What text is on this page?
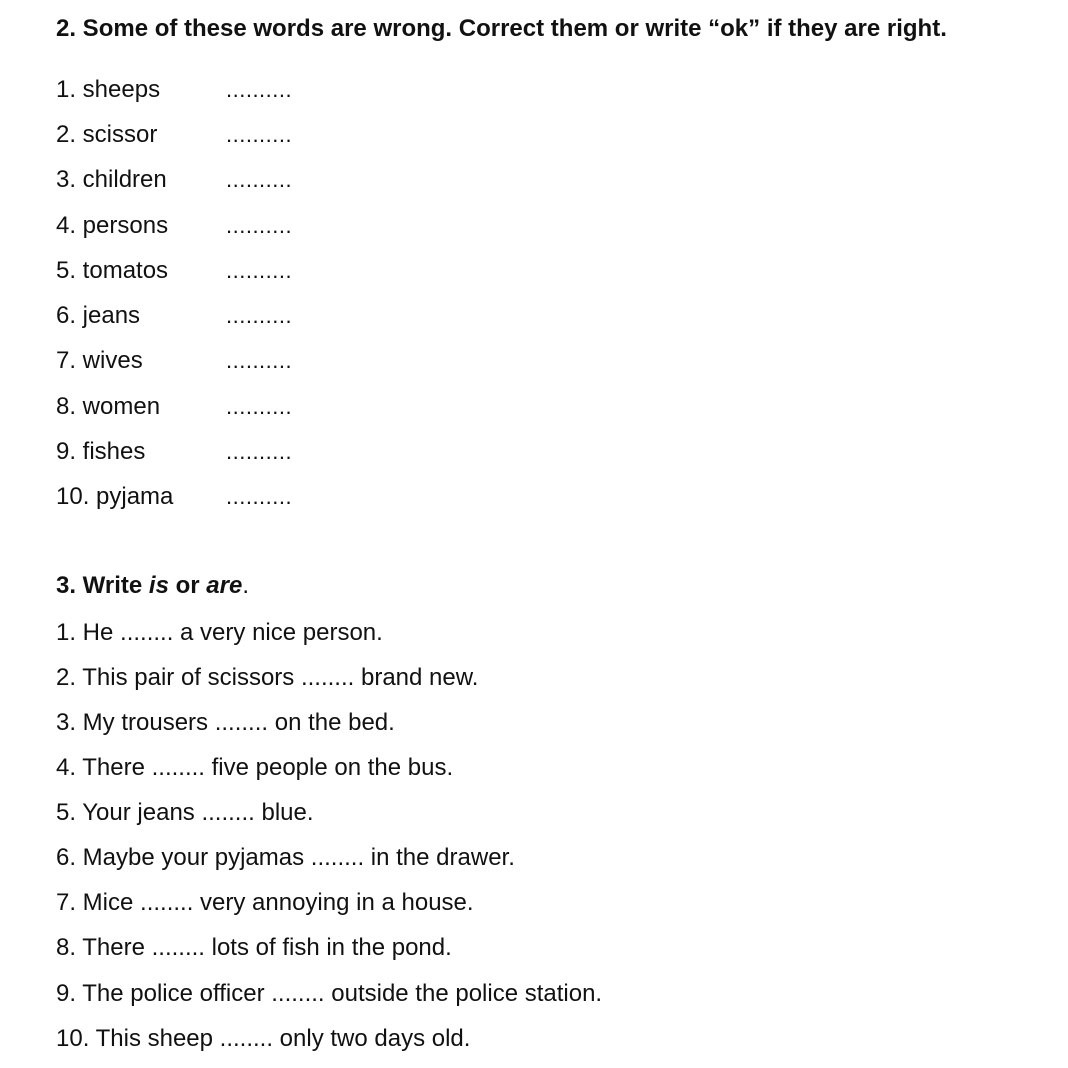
2. Some of these words are wrong. Correct them or write “ok” if they are right.
1. sheeps	..........
2. scissor	..........
3. children	..........
4. persons	..........
5. tomatos	..........
6. jeans	..........
7. wives	..........
8. women	..........
9. fishes	..........
10. pyjama ..........
3. Write is or are.
1. He ........ a very nice person.
2. This pair of scissors ........ brand new.
3. My trousers ........ on the bed.
4. There ........ five people on the bus.
5. Your jeans ........ blue.
6. Maybe your pyjamas ........ in the drawer.
7. Mice ........ very annoying in a house.
8. There ........ lots of fish in the pond.
9. The police officer ........ outside the police station.
10. This sheep ........ only two days old.
